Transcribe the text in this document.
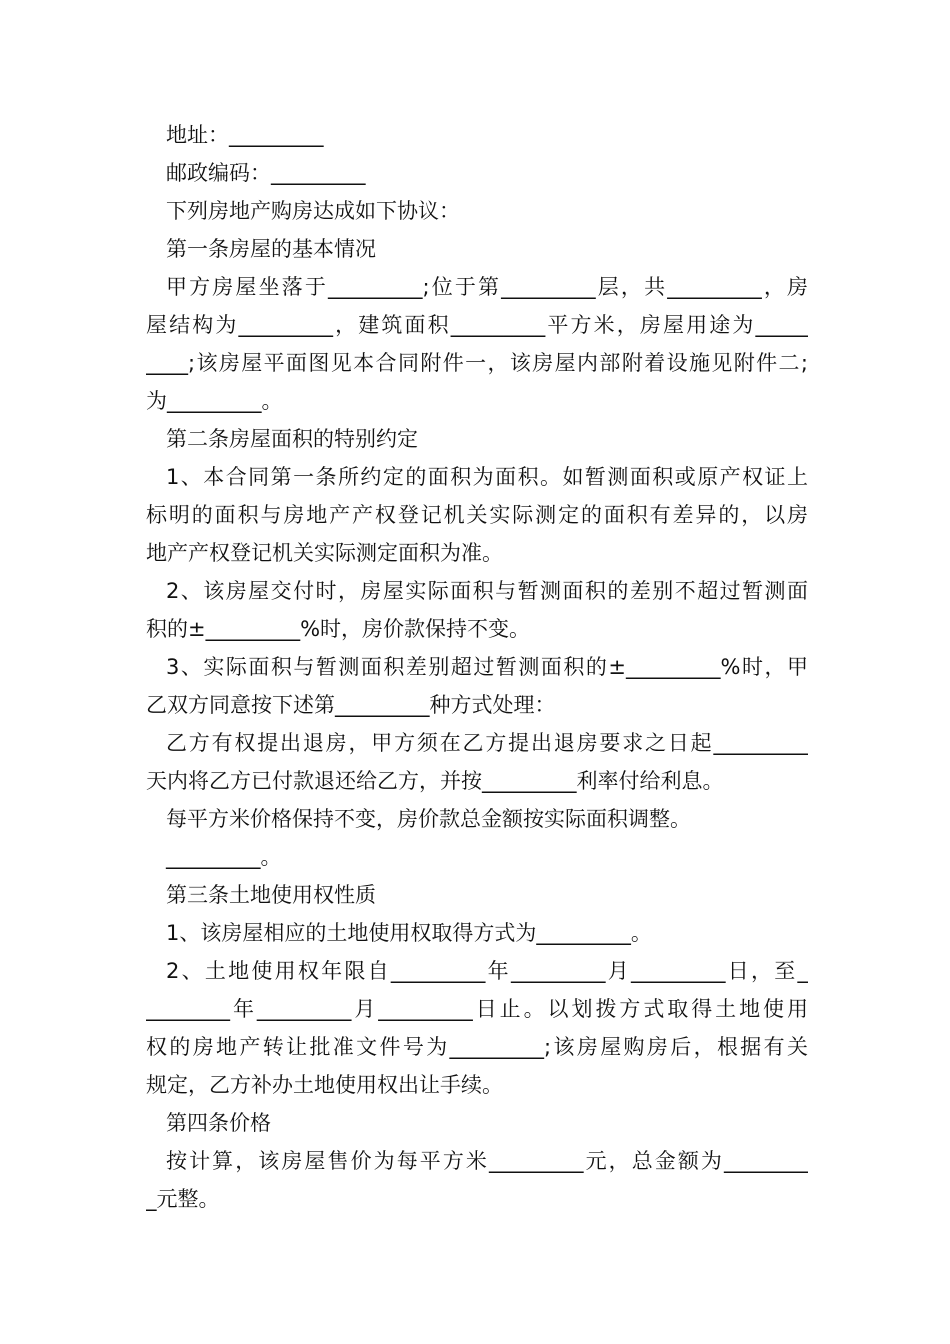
地址：_________
邮政编码：_________
下列房地产购房达成如下协议：
第一条房屋的基本情况
甲方房屋坐落于_________;位于第_________层，共_________，房
屋结构为_________，建筑面积_________平方米，房屋用途为_____
____;该房屋平面图见本合同附件一，该房屋内部附着设施见附件二;
为_________。
第二条房屋面积的特别约定
1、本合同第一条所约定的面积为面积。如暂测面积或原产权证上
标明的面积与房地产产权登记机关实际测定的面积有差异的，以房
地产产权登记机关实际测定面积为准。
2、该房屋交付时，房屋实际面积与暂测面积的差别不超过暂测面
积的±_________%时，房价款保持不变。
3、实际面积与暂测面积差别超过暂测面积的±_________%时，甲
乙双方同意按下述第_________种方式处理：
乙方有权提出退房，甲方须在乙方提出退房要求之日起_________
天内将乙方已付款退还给乙方，并按_________利率付给利息。
每平方米价格保持不变，房价款总金额按实际面积调整。
_________。
第三条土地使用权性质
1、该房屋相应的土地使用权取得方式为_________。
2、土地使用权年限自_________年_________月_________日，至_
________年_________月_________日止。以划拨方式取得土地使用
权的房地产转让批准文件号为_________;该房屋购房后，根据有关
规定，乙方补办土地使用权出让手续。
第四条价格
按计算，该房屋售价为每平方米_________元，总金额为________
_元整。
